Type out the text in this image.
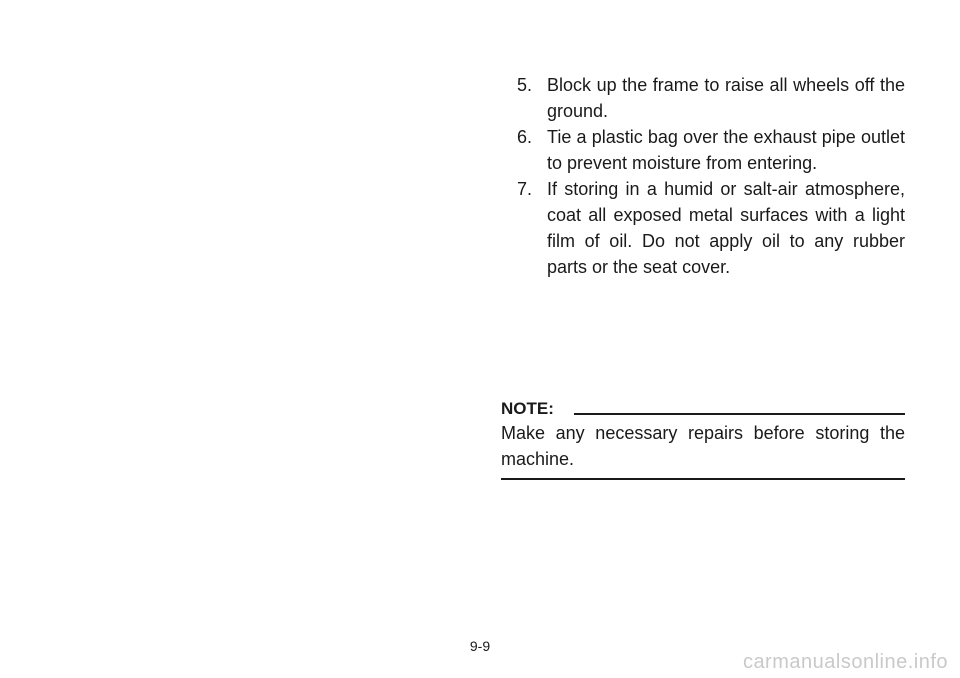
5. Block up the frame to raise all wheels off the ground.
6. Tie a plastic bag over the exhaust pipe outlet to prevent moisture from entering.
7. If storing in a humid or salt-air atmosphere, coat all exposed metal surfaces with a light film of oil. Do not apply oil to any rubber parts or the seat cover.
NOTE:
Make any necessary repairs before storing the machine.
9-9
carmanualsonline.info
